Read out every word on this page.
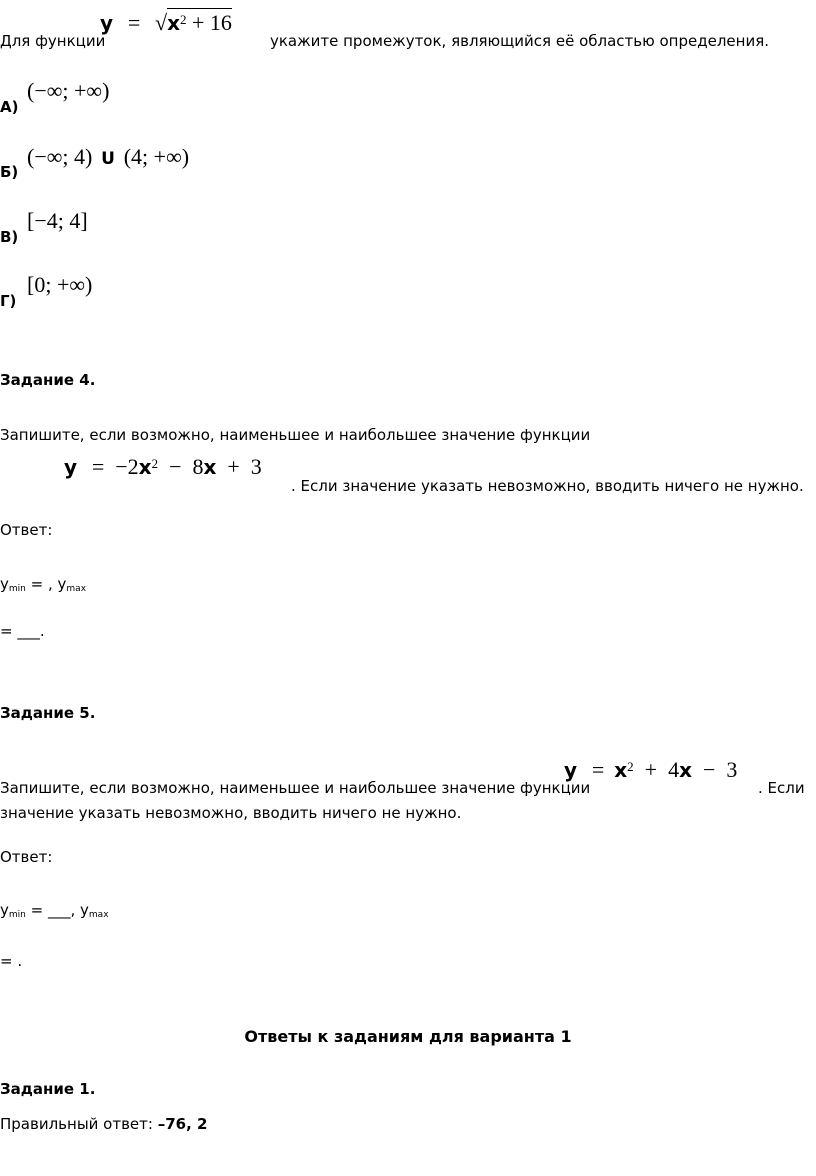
Для функции
$y = √x^2 + 16$
укажите промежуток, являющийся её областью определения.
(−∞; +∞)
А)
(−∞; 4) U (4; +∞)
Б)
[−4; 4]
В)
[0; +∞)
Г)
Задание 4.
Запишите, если возможно, наименьшее и наибольшее значение функции
$y = -2x^2 - 8x + 3$
. Если значение указать невозможно, вводить ничего не нужно.
Ответ:
$y_{min}$ = , $y_{max}$
= ___.
Задание 5.
Запишите, если возможно, наименьшее и наибольшее значение функции
$y = x^2 + 4x - 3$
. Если
значение указать невозможно, вводить ничего не нужно.
Ответ:
$y_{min}$ = ___, $y_{max}$
= .
Ответы к заданиям для варианта 1
Задание 1.
Правильный ответ: –76, 2
